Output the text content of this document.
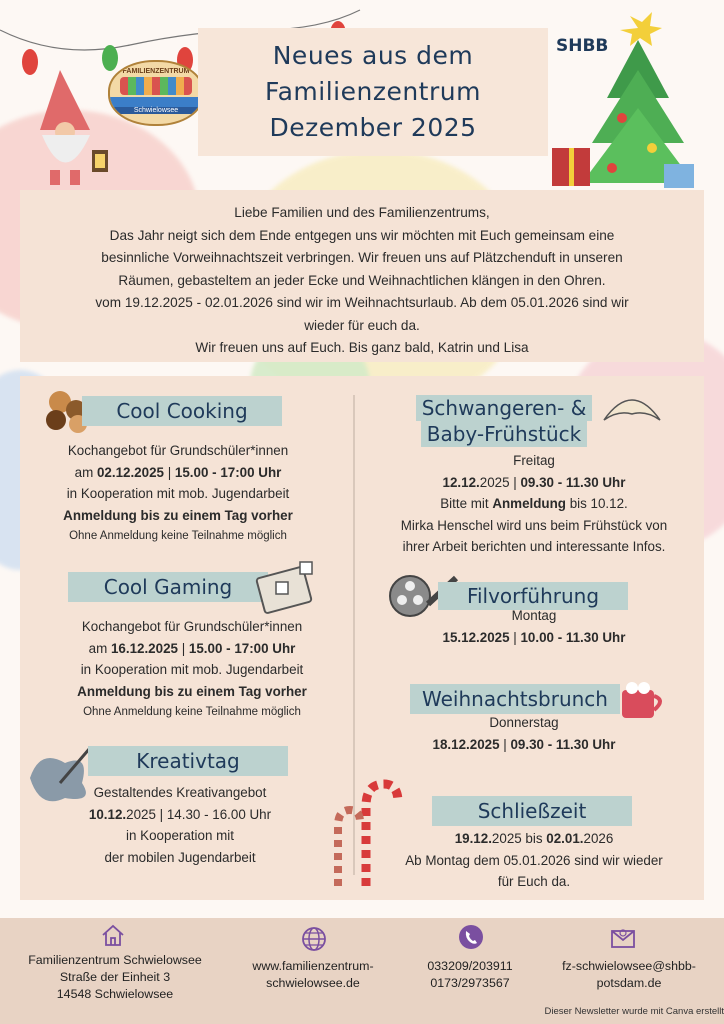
FAMILIENZENTRUM
Schwielowsee
Neues aus dem
Familienzentrum
Dezember 2025
SHBB

Liebe Familien und des Familienzentrums,

Das Jahr neigt sich dem Ende entgegen uns wir möchten mit Euch gemeinsam eine

besinnliche Vorweihnachtszeit verbringen. Wir freuen uns auf Plätzchenduft in unseren

Räumen, gebasteltem an jeder Ecke und Weihnachtlichen klängen in den Ohren.

vom 19.12.2025 - 02.01.2026 sind wir im Weihnachtsurlaub. Ab dem 05.01.2026 sind wir

wieder für euch da.

Wir freuen uns auf Euch. Bis ganz bald, Katrin und Lisa

Cool Cooking
Kochangebot für Grundschüler*innen
am 02.12.2025 | 15.00 - 17:00 Uhr
in Kooperation mit mob. Jugendarbeit
Anmeldung bis zu einem Tag vorher
Ohne Anmeldung keine Teilnahme möglich
Cool Gaming
Kochangebot für Grundschüler*innen
am 16.12.2025 | 15.00 - 17:00 Uhr
in Kooperation mit mob. Jugendarbeit
Anmeldung bis zu einem Tag vorher
Ohne Anmeldung keine Teilnahme möglich
Kreativtag
Gestaltendes Kreativangebot
10.12.2025 | 14.30 - 16.00 Uhr
in Kooperation mit
der mobilen Jugendarbeit
Schwangeren- &
Baby-Frühstück
Freitag
12.12.2025 | 09.30 - 11.30 Uhr
Bitte mit Anmeldung bis 10.12.
Mirka Henschel wird uns beim Frühstück von
ihrer Arbeit berichten und interessante Infos.
Filvorführung
Montag
15.12.2025 | 10.00 - 11.30 Uhr
Weihnachtsbrunch
Donnerstag
18.12.2025 | 09.30 - 11.30 Uhr
Schließzeit
19.12.2025 bis 02.01.2026
Ab Montag dem 05.01.2026 sind wir wieder
für Euch da.
Familienzentrum Schwielowsee
Straße der Einheit 3
14548 Schwielowsee
www.familienzentrum-
schwielowsee.de
033209/203911
0173/2973567
fz-schwielowsee@shbb-
potsdam.de
Dieser Newsletter wurde mit Canva erstellt
